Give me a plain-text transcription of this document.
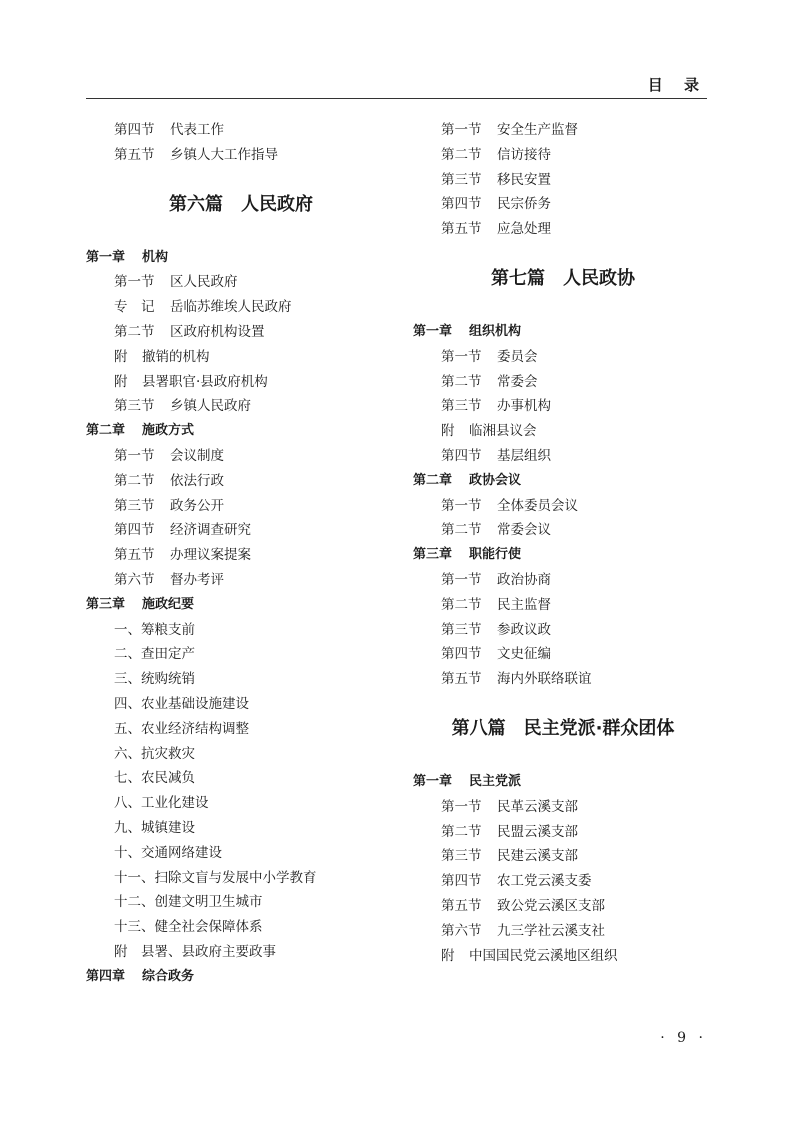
目 录
第四节 代表工作
第五节 乡镇人大工作指导
第六篇 人民政府
第一章 机构
第一节 区人民政府
专　记 岳临苏维埃人民政府
第二节 区政府机构设置
附 撤销的机构
附 县署职官·县政府机构
第三节 乡镇人民政府
第二章 施政方式
第一节 会议制度
第二节 依法行政
第三节 政务公开
第四节 经济调查研究
第五节 办理议案提案
第六节 督办考评
第三章 施政纪要
一、筹粮支前
二、查田定产
三、统购统销
四、农业基础设施建设
五、农业经济结构调整
六、抗灾救灾
七、农民减负
八、工业化建设
九、城镇建设
十、交通网络建设
十一、扫除文盲与发展中小学教育
十二、创建文明卫生城市
十三、健全社会保障体系
附　县署、县政府主要政事
第四章 综合政务
第一节 安全生产监督
第二节 信访接待
第三节 移民安置
第四节 民宗侨务
第五节 应急处理
第七篇 人民政协
第一章 组织机构
第一节 委员会
第二节 常委会
第三节 办事机构
附 临湘县议会
第四节 基层组织
第二章 政协会议
第一节 全体委员会议
第二节 常委会议
第三章 职能行使
第一节 政治协商
第二节 民主监督
第三节 参政议政
第四节 文史征编
第五节 海内外联络联谊
第八篇 民主党派·群众团体
第一章 民主党派
第一节 民革云溪支部
第二节 民盟云溪支部
第三节 民建云溪支部
第四节 农工党云溪支委
第五节 致公党云溪区支部
第六节 九三学社云溪支社
附 中国国民党云溪地区组织
· 9 ·
